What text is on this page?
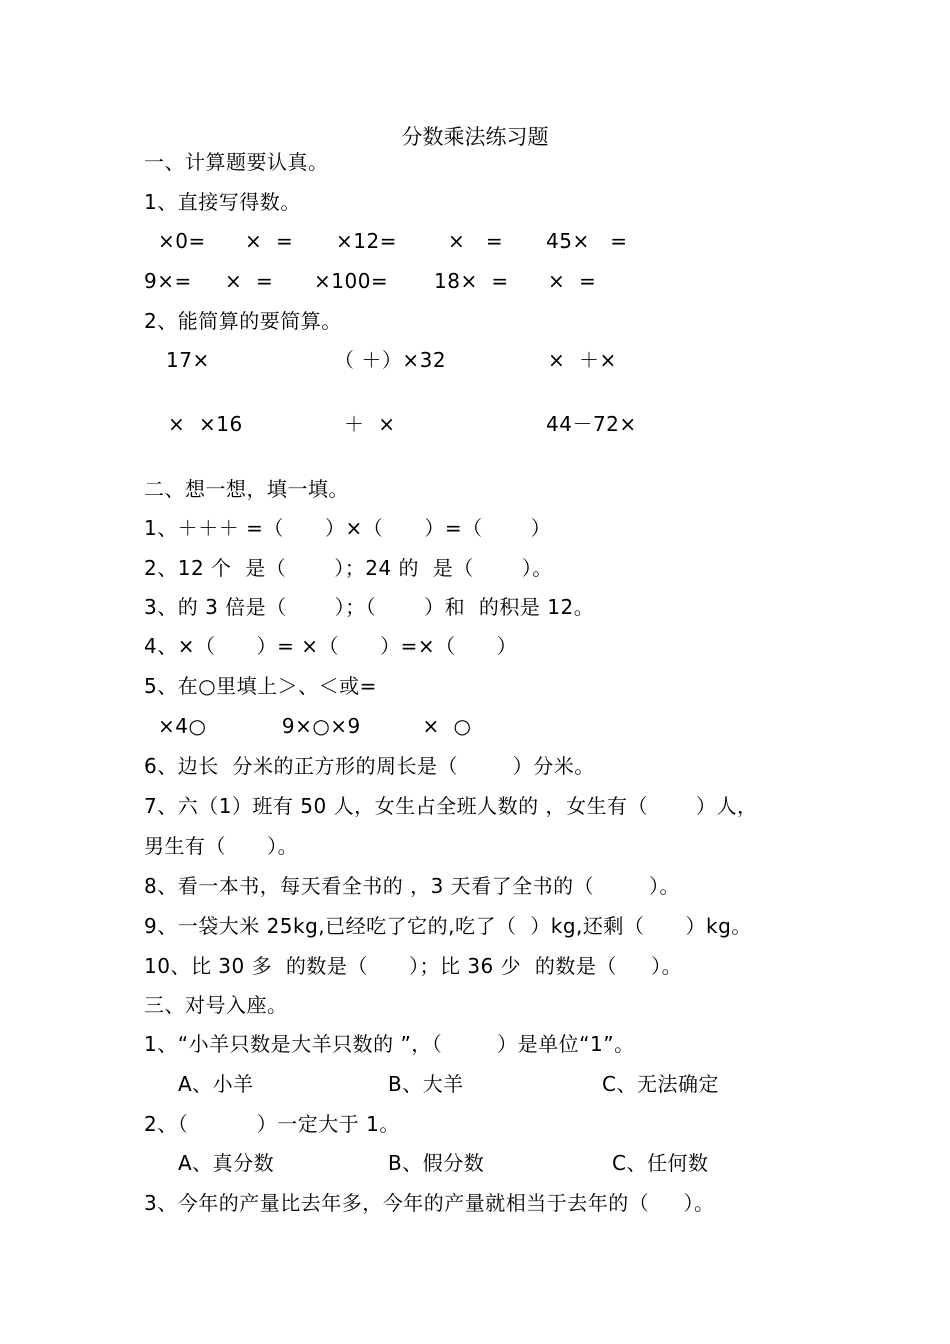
分数乘法练习题
一、计算题要认真。
1、直接写得数。
×0= ×  = ×12=	×   = 45×   =
9×= ×  = ×100= 18×  = ×  =
2、能简算的要简算。
17×	（ ＋）×32	×  ＋×
×  ×16	＋  ×	44－72×
二、想一想，填一填。
1、＋＋＋ =（      ）×（      ）=（       ）
2、12 个  是（       ）；24 的  是（       ）。
3、的 3 倍是（       ）；（       ）和  的积是 12。
4、×（      ）= ×（      ）=×（      ）
5、在○里填上＞、＜或=
×4○           9×○×9         ×  ○
6、边长  分米的正方形的周长是（        ）分米。
7、六（1）班有 50 人，女生占全班人数的 ，女生有（       ）人，
男生有（      ）。
8、看一本书，每天看全书的 ，3 天看了全书的（        ）。
9、一袋大米 25kg,已经吃了它的,吃了（  ）kg,还剩（      ）kg。
10、比 30 多  的数是（      ）；比 36 少  的数是（     ）。
三、对号入座。
1、“小羊只数是大羊只数的 ”，（        ）是单位“1”。
A、小羊	B、大羊	C、无法确定
2、（          ）一定大于 1。
A、真分数	B、假分数	C、任何数
3、今年的产量比去年多，今年的产量就相当于去年的（     ）。
